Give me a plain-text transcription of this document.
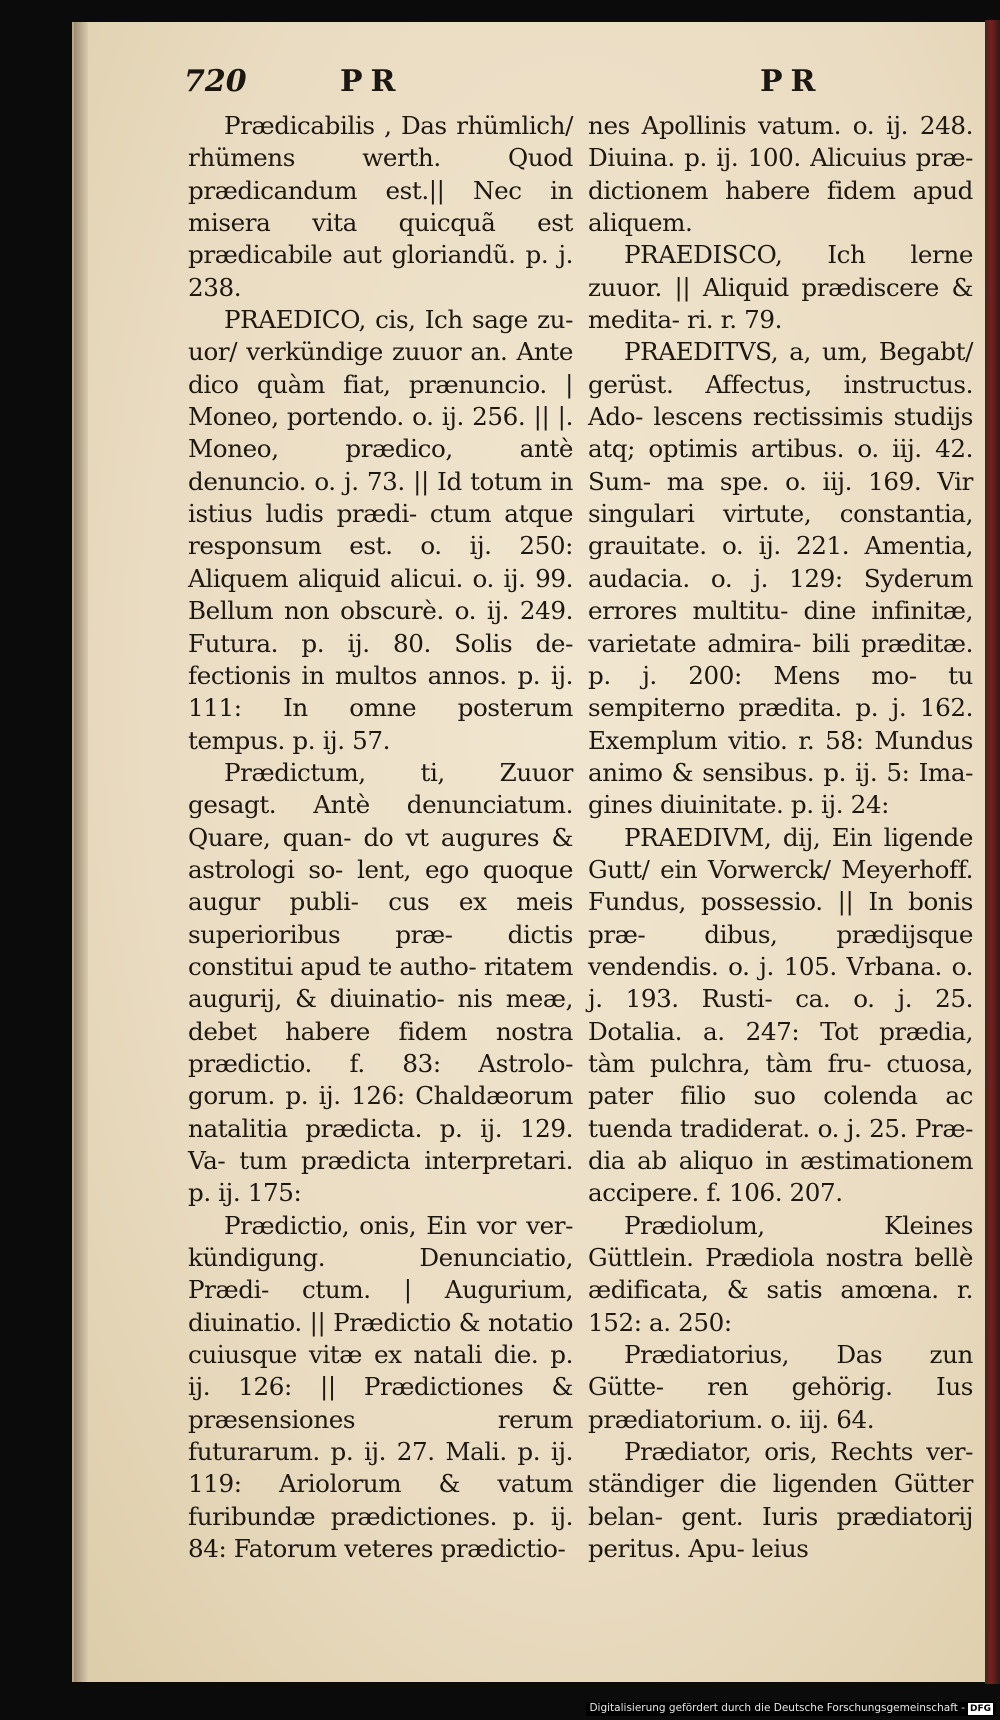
720	PR	PR

Prædicabilis , Das rhümlich/ rhümens werth. Quod prædicandum est.|| Nec in misera vita quicquã est prædicabile aut gloriandũ. p. j. 238.

PRAEDICO, cis, Ich sage zu- uor/ verkündige zuuor an. Ante dico quàm fiat, prænuncio. | Moneo, portendo. o. ij. 256. || |. Moneo, prædico, antè denuncio. o. j. 73. || Id totum in istius ludis prædi- ctum atque responsum est. o. ij. 250: Aliquem aliquid alicui. o. ij. 99. Bellum non obscurè. o. ij. 249. Futura. p. ij. 80. Solis de- fectionis in multos annos. p. ij. 111: In omne posterum tempus. p. ij. 57.

Prædictum, ti, Zuuor gesagt. Antè denunciatum. Quare, quan- do vt augures & astrologi so- lent, ego quoque augur publi- cus ex meis superioribus præ- dictis constitui apud te autho- ritatem augurij, & diuinatio- nis meæ, debet habere fidem nostra prædictio. f. 83: Astrolo- gorum. p. ij. 126: Chaldæorum natalitia prædicta. p. ij. 129. Va- tum prædicta interpretari. p. ij. 175:

Prædictio, onis, Ein vor ver- kündigung. Denunciatio, Prædi- ctum. | Augurium, diuinatio. || Prædictio & notatio cuiusque vitæ ex natali die. p. ij. 126: || Prædictiones & præsensiones rerum futurarum. p. ij. 27. Mali. p. ij. 119: Ariolorum & vatum furibundæ prædictiones. p. ij. 84: Fatorum veteres prædictio-

nes Apollinis vatum. o. ij. 248. Diuina. p. ij. 100. Alicuius præ- dictionem habere fidem apud aliquem.

PRAEDISCO, Ich lerne zuuor. || Aliquid prædiscere & medita- ri. r. 79.

PRAEDITVS, a, um, Begabt/ gerüst. Affectus, instructus. Ado- lescens rectissimis studijs atq; optimis artibus. o. iij. 42. Sum- ma spe. o. iij. 169. Vir singulari virtute, constantia, grauitate. o. ij. 221. Amentia, audacia. o. j. 129: Syderum errores multitu- dine infinitæ, varietate admira- bili præditæ. p. j. 200: Mens mo- tu sempiterno prædita. p. j. 162. Exemplum vitio. r. 58: Mundus animo & sensibus. p. ij. 5: Ima- gines diuinitate. p. ij. 24:

PRAEDIVM, dij, Ein ligende Gutt/ ein Vorwerck/ Meyerhoff. Fundus, possessio. || In bonis præ- dibus, prædijsque vendendis. o. j. 105. Vrbana. o. j. 193. Rusti- ca. o. j. 25. Dotalia. a. 247: Tot prædia, tàm pulchra, tàm fru- ctuosa, pater filio suo colenda ac tuenda tradiderat. o. j. 25. Præ- dia ab aliquo in æstimationem accipere. f. 106. 207.

Prædiolum, Kleines Güttlein. Prædiola nostra bellè ædificata, & satis amœna. r. 152: a. 250:

Prædiatorius, Das zun Gütte- ren gehörig. Ius prædiatorium. o. iij. 64.

Prædiator, oris, Rechts ver- ständiger die ligenden Gütter belan- gent. Iuris prædiatorij peritus. Apu- leius

Digitalisierung gefördert durch die Deutsche Forschungsgemeinschaft - DFG
